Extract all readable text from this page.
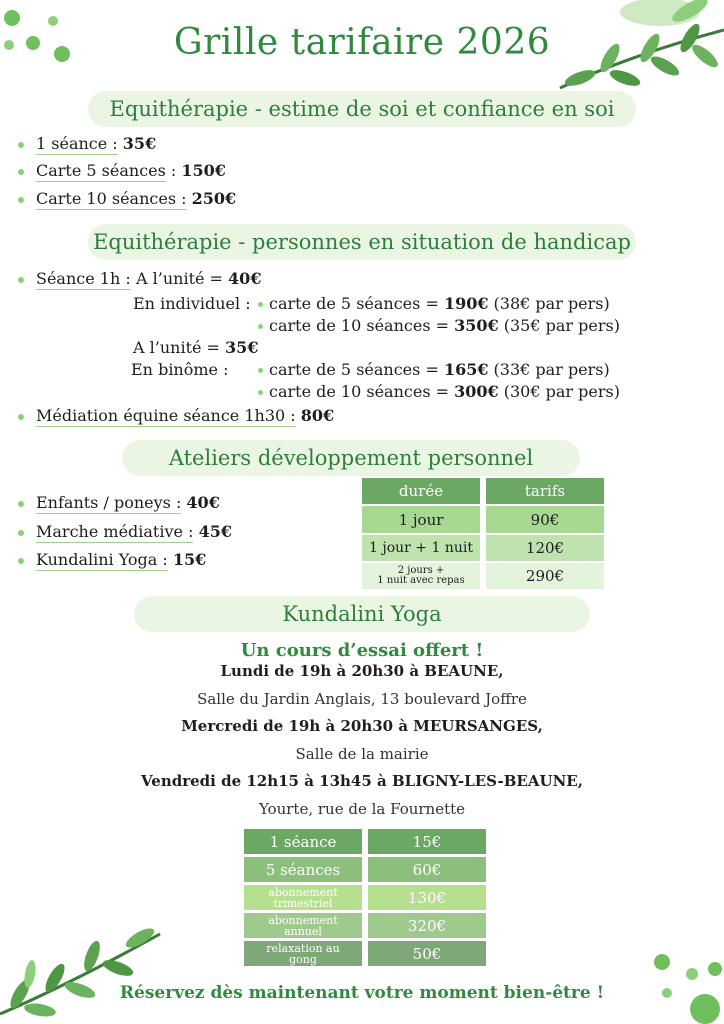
Grille tarifaire 2026
Equithérapie - estime de soi et confiance en soi
1 séance : 35€
Carte 5 séances : 150€
Carte 10 séances : 250€
Equithérapie - personnes en situation de handicap
Séance 1h : A l’unité = 40€
En individuel :	carte de 5 séances = 190€ (38€ par pers)
carte de 10 séances = 350€ (35€ par pers)
A l’unité = 35€
En binôme :	carte de 5 séances = 165€ (33€ par pers)
carte de 10 séances = 300€ (30€ par pers)
Médiation équine séance 1h30 : 80€
Ateliers développement personnel
Enfants / poneys : 40€
Marche médiative : 45€
Kundalini Yoga : 15€
durée	tarifs
1 jour	90€
1 jour + 1 nuit	120€
2 jours +
1 nuit avec repas	290€
Kundalini Yoga
Un cours d’essai offert !
Lundi de 19h à 20h30 à BEAUNE,
Salle du Jardin Anglais, 13 boulevard Joffre
Mercredi de 19h à 20h30 à MEURSANGES,
Salle de la mairie
Vendredi de 12h15 à 13h45 à BLIGNY-LES-BEAUNE,
Yourte, rue de la Fournette
1 séance	15€
5 séances	60€
abonnement
trimestriel	130€
abonnement
annuel	320€
relaxation au
gong	50€
Réservez dès maintenant votre moment bien-être !
